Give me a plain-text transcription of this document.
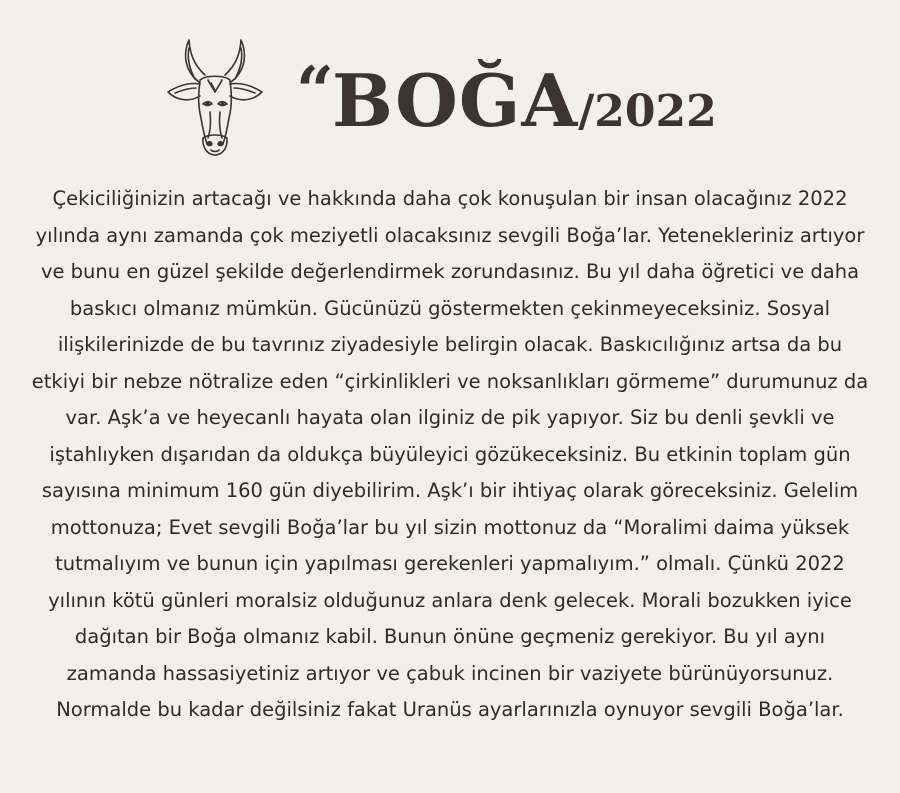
“BOĞA/2022
Çekiciliğinizin artacağı ve hakkında daha çok konuşulan bir insan olacağınız 2022
yılında aynı zamanda çok meziyetli olacaksınız sevgili Boğa’lar. Yetenekleriniz artıyor
ve bunu en güzel şekilde değerlendirmek zorundasınız. Bu yıl daha öğretici ve daha
baskıcı olmanız mümkün. Gücünüzü göstermekten çekinmeyeceksiniz. Sosyal
ilişkilerinizde de bu tavrınız ziyadesiyle belirgin olacak. Baskıcılığınız artsa da bu
etkiyi bir nebze nötralize eden “çirkinlikleri ve noksanlıkları görmeme” durumunuz da
var. Aşk’a ve heyecanlı hayata olan ilginiz de pik yapıyor. Siz bu denli şevkli ve
iştahlıyken dışarıdan da oldukça büyüleyici gözükeceksiniz. Bu etkinin toplam gün
sayısına minimum 160 gün diyebilirim. Aşk’ı bir ihtiyaç olarak göreceksiniz. Gelelim
mottonuza; Evet sevgili Boğa’lar bu yıl sizin mottonuz da “Moralimi daima yüksek
tutmalıyım ve bunun için yapılması gerekenleri yapmalıyım.” olmalı. Çünkü 2022
yılının kötü günleri moralsiz olduğunuz anlara denk gelecek. Morali bozukken iyice
dağıtan bir Boğa olmanız kabil. Bunun önüne geçmeniz gerekiyor. Bu yıl aynı
zamanda hassasiyetiniz artıyor ve çabuk incinen bir vaziyete bürünüyorsunuz.
Normalde bu kadar değilsiniz fakat Uranüs ayarlarınızla oynuyor sevgili Boğa’lar.
